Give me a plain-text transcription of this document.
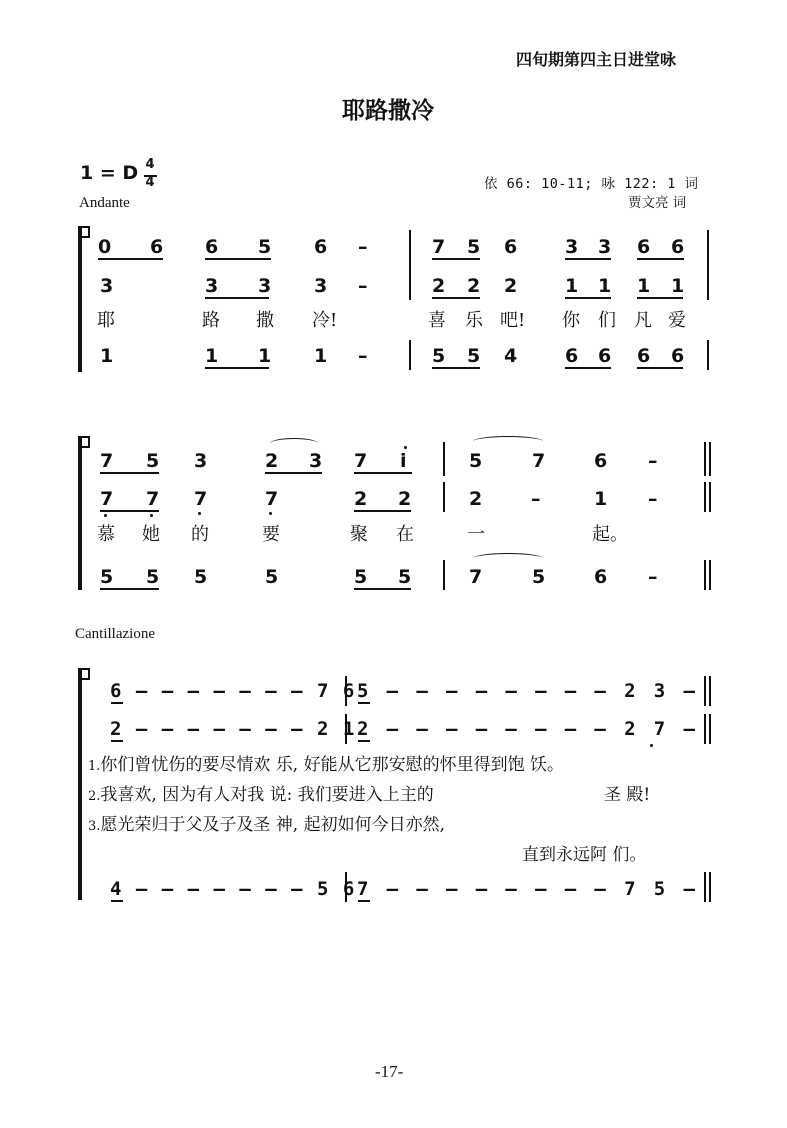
四旬期第四主日进堂咏
耶路撒冷
1 = D 4
4
Andante
依 66: 10-11; 咏 122: 1 词
贾文亮 词
0 6 6 5 6 –	7 5 6	3 3 6 6
3	3 3 3 –	2 2 2	1 1 1 1
耶	路 撒 冷!	喜 乐 吧! 你 们 凡 爱
1	1 1 1 –	5 5 4	6 6 6 6
7 5 3	2 3 7 i	5	7	6 –
7 7 7	7	2 2	2	–	1 –
慕 她 的	要	聚 在	一	起。
5 5 5	5	5 5	7	5	6 –
Cantillazione
6 – – – – – – – 7 6 5 – – – – – – – – 2 3 –
2 – – – – – – – 2 1 2 – – – – – – – – 2 7 –
1.你们曾忧伤的要尽情欢 乐, 好能从它那安慰的怀里得到饱 饫。
2.我喜欢, 因为有人对我 说: 我们要进入上主的	圣 殿!
3.愿光荣归于父及子及圣 神, 起初如何今日亦然,
直到永远阿 们。
4 – – – – – – – 5 6 7 – – – – – – – – 7 5 –
-17-
